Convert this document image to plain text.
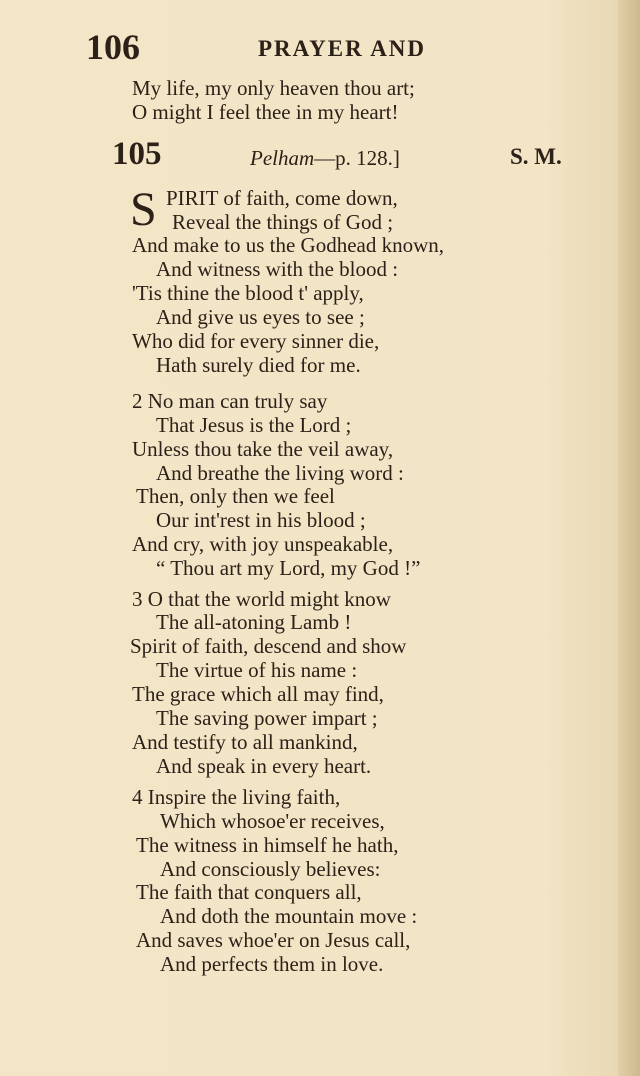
106	PRAYER AND
My life, my only heaven thou art;
O might I feel thee in my heart!
105	Pelham—p. 128.]	S. M.
S PIRIT of faith, come down,
Reveal the things of God ;
And make to us the Godhead known,
And witness with the blood :
'Tis thine the blood t' apply,
And give us eyes to see ;
Who did for every sinner die,
Hath surely died for me.
2 No man can truly say
That Jesus is the Lord ;
Unless thou take the veil away,
And breathe the living word :
Then, only then we feel
Our int'rest in his blood ;
And cry, with joy unspeakable,
“ Thou art my Lord, my God !”
3 O that the world might know
The all-atoning Lamb !
Spirit of faith, descend and show
The virtue of his name :
The grace which all may find,
The saving power impart ;
And testify to all mankind,
And speak in every heart.
4 Inspire the living faith,
Which whosoe'er receives,
The witness in himself he hath,
And consciously believes:
The faith that conquers all,
And doth the mountain move :
And saves whoe'er on Jesus call,
And perfects them in love.
